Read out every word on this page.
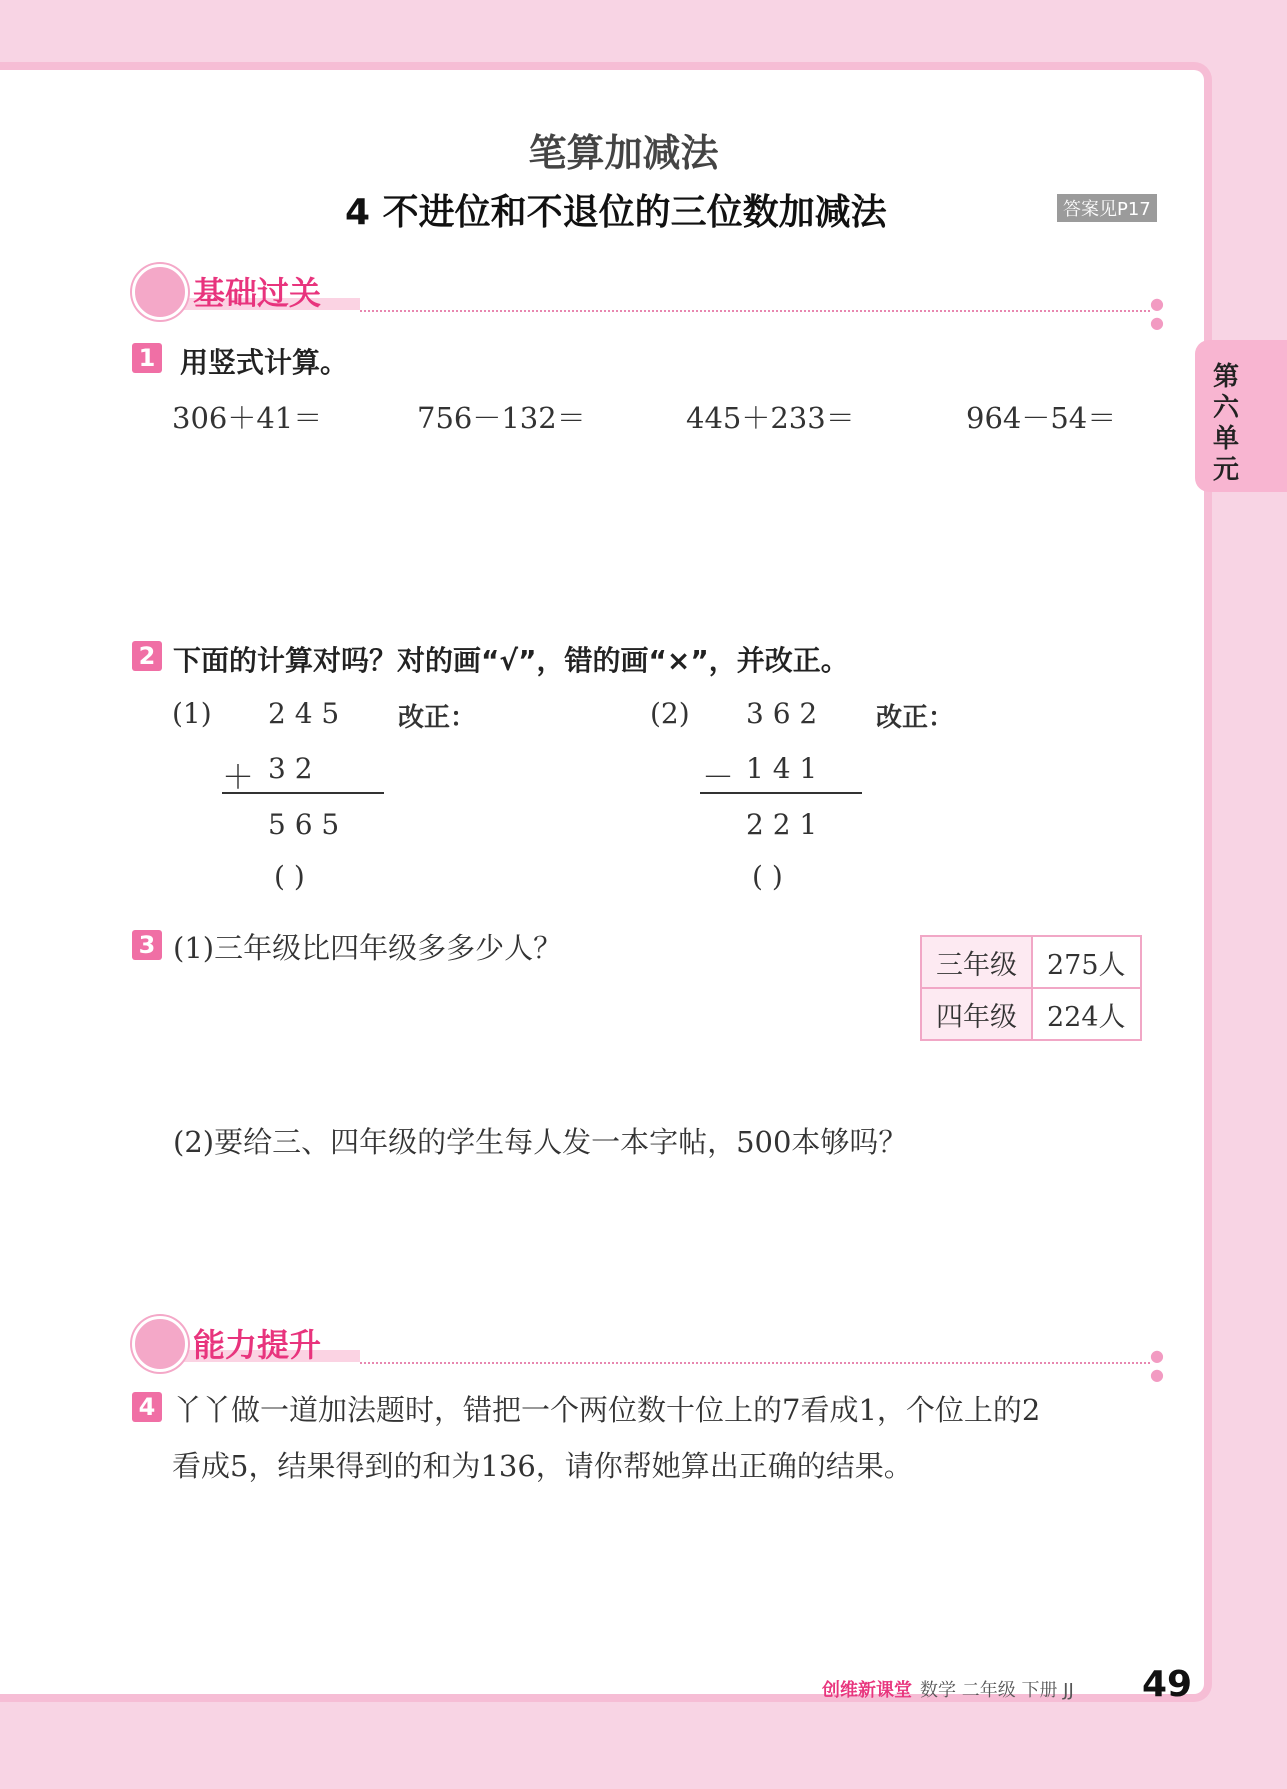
笔算加减法
4 不进位和不退位的三位数加减法	答案见P17
第六单元
基础过关	●
●
1 用竖式计算。
306＋41＝	756－132＝	445＋233＝	964－54＝
2 下面的计算对吗？对的画“√”，错的画“×”，并改正。
(1) 2 4 5 改正：
＋ 3 2
5 6 5
( )
(2) 3 6 2 改正：
－ 1 4 1
2 2 1
( )
3 (1)三年级比四年级多多少人？	三年级	275人
四年级	224人
(2)要给三、四年级的学生每人发一本字帖，500本够吗？
能力提升	●
●
4 丫丫做一道加法题时，错把一个两位数十位上的7看成1，个位上的2
看成5，结果得到的和为136，请你帮她算出正确的结果。
创维新课堂 数学 二年级 下册 JJ 49
